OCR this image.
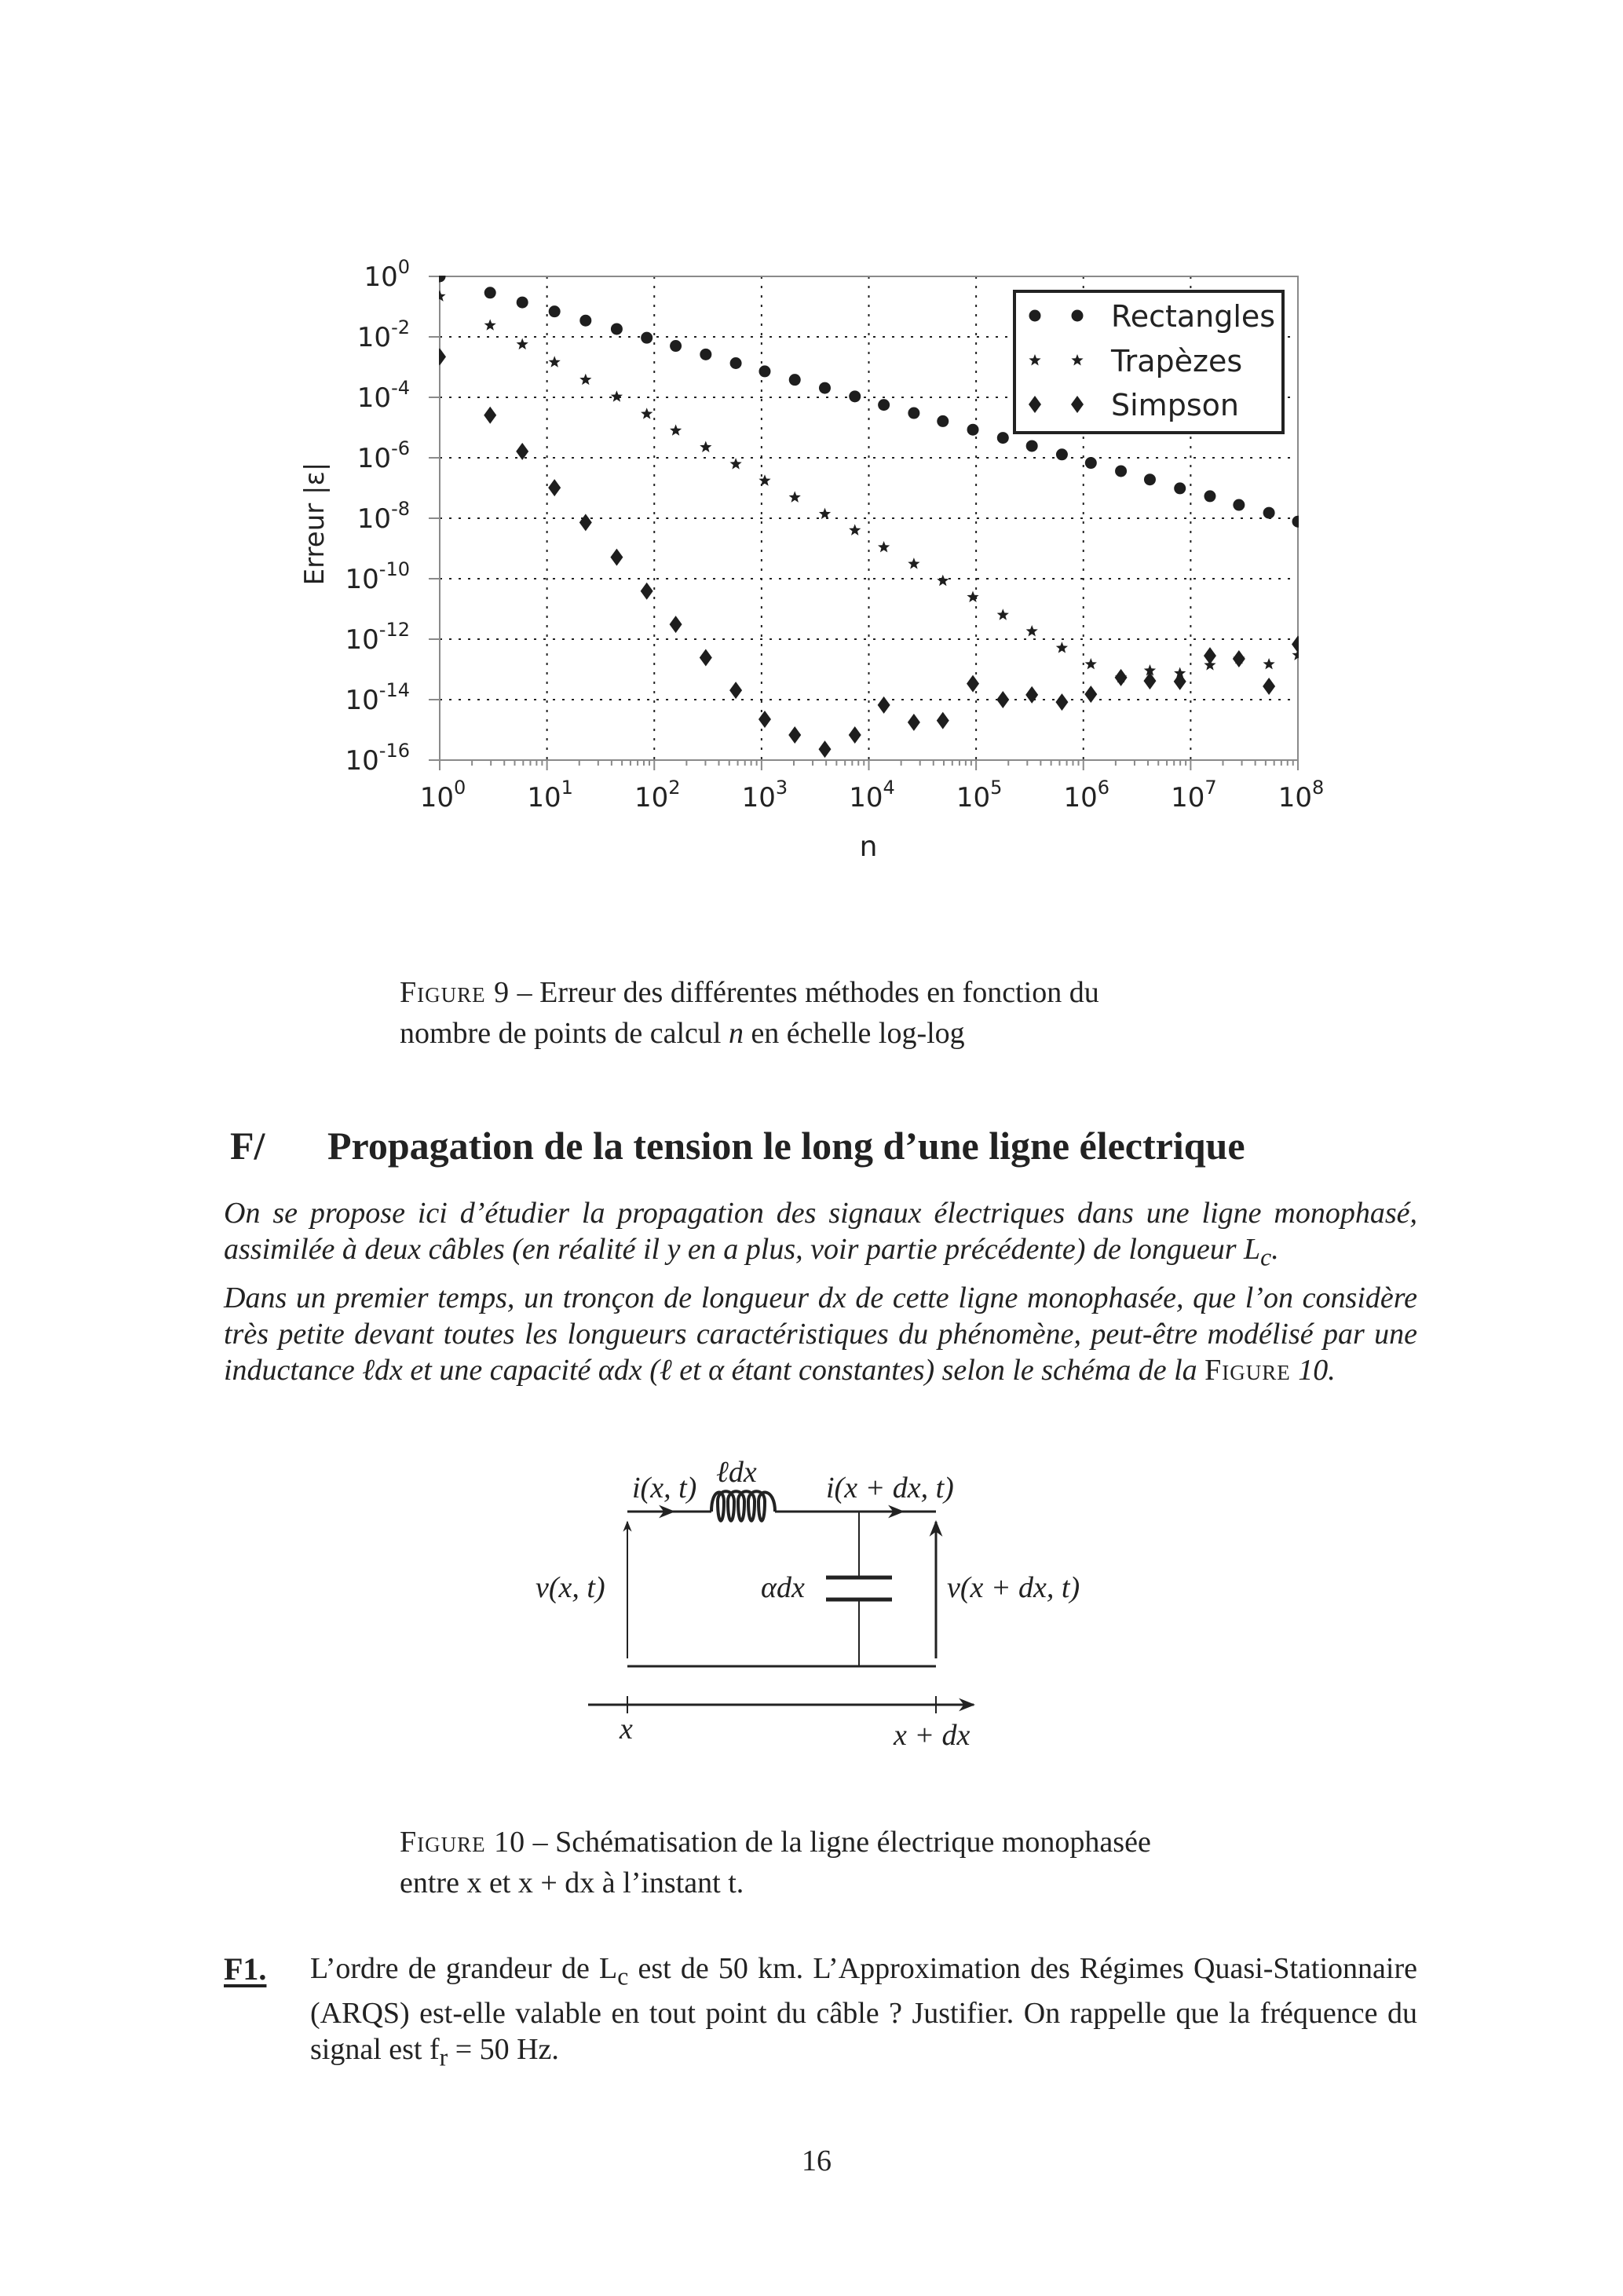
$10^0$
$10^{-2}$
$10^{-4}$
$10^{-6}$
$10^{-8}$
$10^{-10}$
$10^{-12}$
$10^{-14}$
$10^{-16}$
$10^0$ $10^1$ $10^2$ $10^3$ $10^4$ $10^5$ $10^6$ $10^7$ $10^8$
Rectangles
Trapèzes
Simpson
n
Erreur |ε|
Figure 9 – Erreur des différentes méthodes en fonction du
nombre de points de calcul n en échelle log-log
F/ Propagation de la tension le long d’une ligne électrique
On se propose ici d’étudier la propagation des signaux électriques dans une ligne monophasé, assimilée à deux câbles (en réalité il y en a plus, voir partie précédente) de longueur $L_c$.
Dans un premier temps, un tronçon de longueur dx de cette ligne monophasée, que l’on considère très petite devant toutes les longueurs caractéristiques du phénomène, peut-être modélisé par une inductance ℓdx et une capacité αdx (ℓ et α étant constantes) selon le schéma de la Figure 10.
i(x, t) ℓdx i(x + dx, t)
v(x, t)	αdx	v(x + dx, t)
x	x + dx
Figure 10 – Schématisation de la ligne électrique monophasée
entre x et x + dx à l’instant t.
F1. L’ordre de grandeur de $L_c$ est de 50 km. L’Approximation des Régimes Quasi-Stationnaire (ARQS) est-elle valable en tout point du câble ? Justifier. On rappelle que la fréquence du signal est $f_r = 50$ Hz.
16
